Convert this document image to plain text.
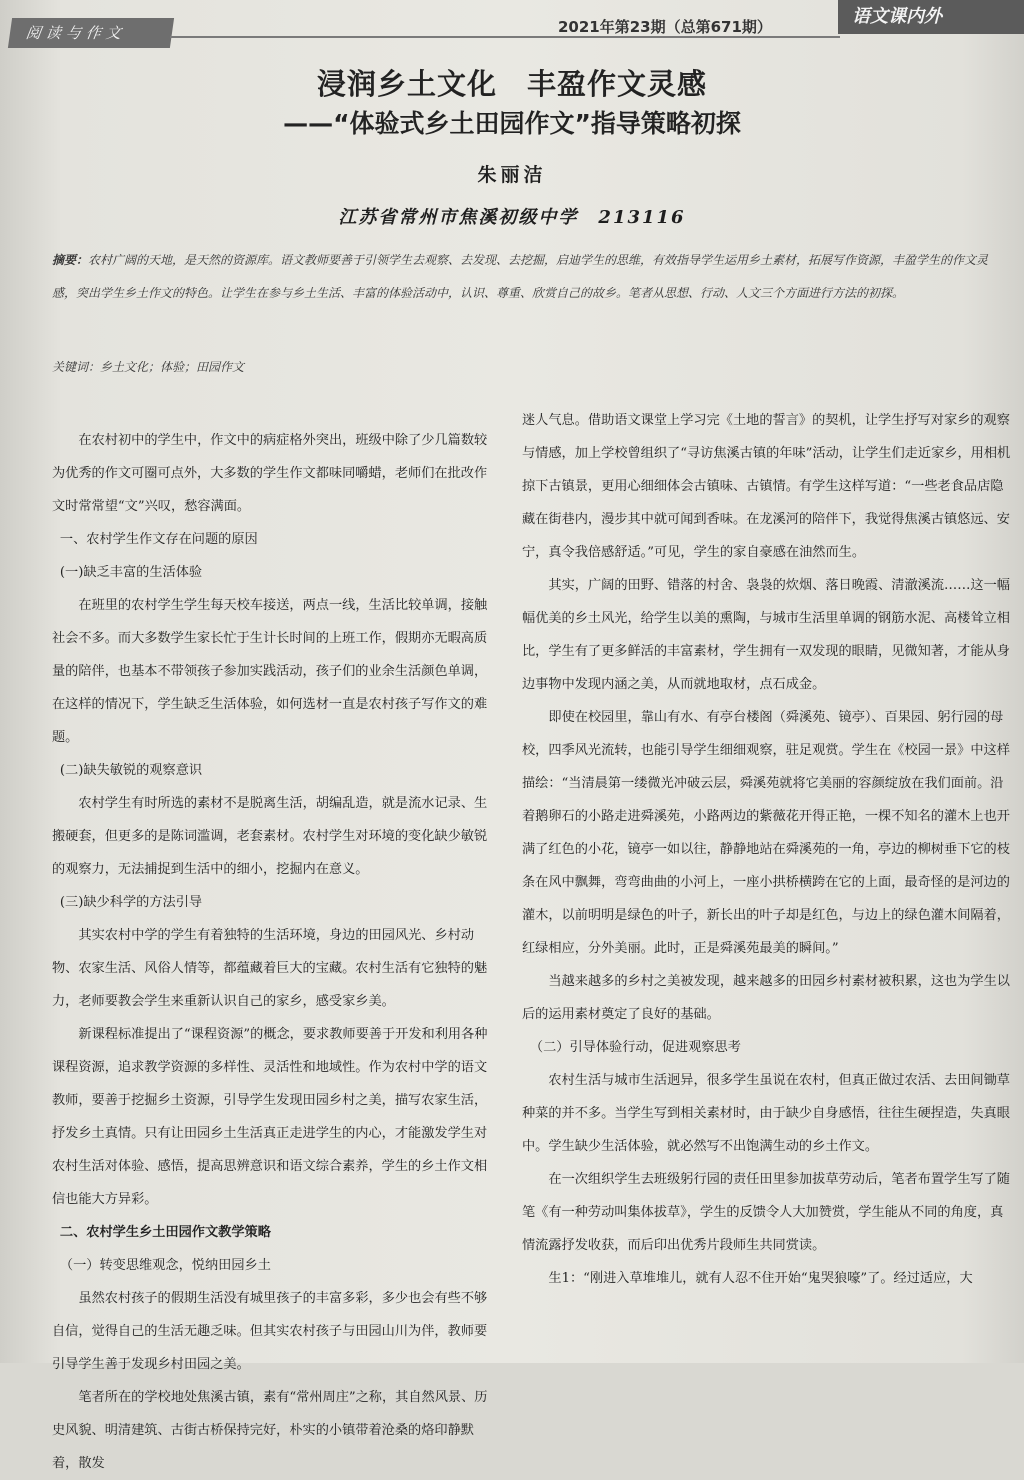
阅读与作文	2021年第23期（总第671期）	语文课内外
浸润乡土文化　丰盈作文灵感
——“体验式乡土田园作文”指导策略初探
朱丽洁
江苏省常州市焦溪初级中学　213116
摘要：农村广阔的天地，是天然的资源库。语文教师要善于引领学生去观察、去发现、去挖掘，启迪学生的思维，有效指导学生运用乡土素材，拓展写作资源，丰盈学生的作文灵感，突出学生乡土作文的特色。让学生在参与乡土生活、丰富的体验活动中，认识、尊重、欣赏自己的故乡。笔者从思想、行动、人文三个方面进行方法的初探。
关键词：乡土文化；体验；田园作文

在农村初中的学生中，作文中的病症格外突出，班级中除了少几篇数较为优秀的作文可圈可点外，大多数的学生作文都味同嚼蜡，老师们在批改作文时常常望“文”兴叹，愁容满面。

一、农村学生作文存在问题的原因

(一)缺乏丰富的生活体验

在班里的农村学生学生每天校车接送，两点一线，生活比较单调，接触社会不多。而大多数学生家长忙于生计长时间的上班工作，假期亦无暇高质量的陪伴，也基本不带领孩子参加实践活动，孩子们的业余生活颜色单调，在这样的情况下，学生缺乏生活体验，如何选材一直是农村孩子写作文的难题。

(二)缺失敏锐的观察意识

农村学生有时所选的素材不是脱离生活，胡编乱造，就是流水记录、生搬硬套，但更多的是陈词滥调，老套素材。农村学生对环境的变化缺少敏锐的观察力，无法捕捉到生活中的细小，挖掘内在意义。

(三)缺少科学的方法引导

其实农村中学的学生有着独特的生活环境，身边的田园风光、乡村动物、农家生活、风俗人情等，都蕴藏着巨大的宝藏。农村生活有它独特的魅力，老师要教会学生来重新认识自己的家乡，感受家乡美。

新课程标准提出了“课程资源”的概念，要求教师要善于开发和利用各种课程资源，追求教学资源的多样性、灵活性和地域性。作为农村中学的语文教师，要善于挖掘乡土资源，引导学生发现田园乡村之美，描写农家生活，抒发乡土真情。只有让田园乡土生活真正走进学生的内心，才能激发学生对农村生活对体验、感悟，提高思辨意识和语文综合素养，学生的乡土作文相信也能大方异彩。

二、农村学生乡土田园作文教学策略

（一）转变思维观念，悦纳田园乡土

虽然农村孩子的假期生活没有城里孩子的丰富多彩，多少也会有些不够自信，觉得自己的生活无趣乏味。但其实农村孩子与田园山川为伴，教师要引导学生善于发现乡村田园之美。

笔者所在的学校地处焦溪古镇，素有“常州周庄”之称，其自然风景、历史风貌、明清建筑、古街古桥保持完好，朴实的小镇带着沧桑的烙印静默着，散发

迷人气息。借助语文课堂上学习完《土地的誓言》的契机，让学生抒写对家乡的观察与情感，加上学校曾组织了“寻访焦溪古镇的年味”活动，让学生们走近家乡，用相机掠下古镇景，更用心细细体会古镇味、古镇情。有学生这样写道：“一些老食品店隐藏在街巷内，漫步其中就可闻到香味。在龙溪河的陪伴下，我觉得焦溪古镇悠远、安宁，真令我倍感舒适。”可见，学生的家自豪感在油然而生。

其实，广阔的田野、错落的村舍、袅袅的炊烟、落日晚霞、清澈溪流……这一幅幅优美的乡土风光，给学生以美的熏陶，与城市生活里单调的钢筋水泥、高楼耸立相比，学生有了更多鲜活的丰富素材，学生拥有一双发现的眼睛，见微知著，才能从身边事物中发现内涵之美，从而就地取材，点石成金。

即使在校园里，靠山有水、有亭台楼阁（舜溪苑、镜亭）、百果园、躬行园的母校，四季风光流转，也能引导学生细细观察，驻足观赏。学生在《校园一景》中这样描绘：“当清晨第一缕微光冲破云层，舜溪苑就将它美丽的容颜绽放在我们面前。沿着鹅卵石的小路走进舜溪苑，小路两边的紫薇花开得正艳，一棵不知名的灌木上也开满了红色的小花，镜亭一如以往，静静地站在舜溪苑的一角，亭边的柳树垂下它的枝条在风中飘舞，弯弯曲曲的小河上，一座小拱桥横跨在它的上面，最奇怪的是河边的灌木，以前明明是绿色的叶子，新长出的叶子却是红色，与边上的绿色灌木间隔着，红绿相应，分外美丽。此时，正是舜溪苑最美的瞬间。”

当越来越多的乡村之美被发现，越来越多的田园乡村素材被积累，这也为学生以后的运用素材奠定了良好的基础。

（二）引导体验行动，促进观察思考

农村生活与城市生活迥异，很多学生虽说在农村，但真正做过农活、去田间锄草种菜的并不多。当学生写到相关素材时，由于缺少自身感悟，往往生硬捏造，失真眼中。学生缺少生活体验，就必然写不出饱满生动的乡土作文。

在一次组织学生去班级躬行园的责任田里参加拔草劳动后，笔者布置学生写了随笔《有一种劳动叫集体拔草》，学生的反馈令人大加赞赏，学生能从不同的角度，真情流露抒发收获，而后印出优秀片段师生共同赏读。

生1：“刚进入草堆堆儿，就有人忍不住开始“鬼哭狼嚎”了。经过适应，大
